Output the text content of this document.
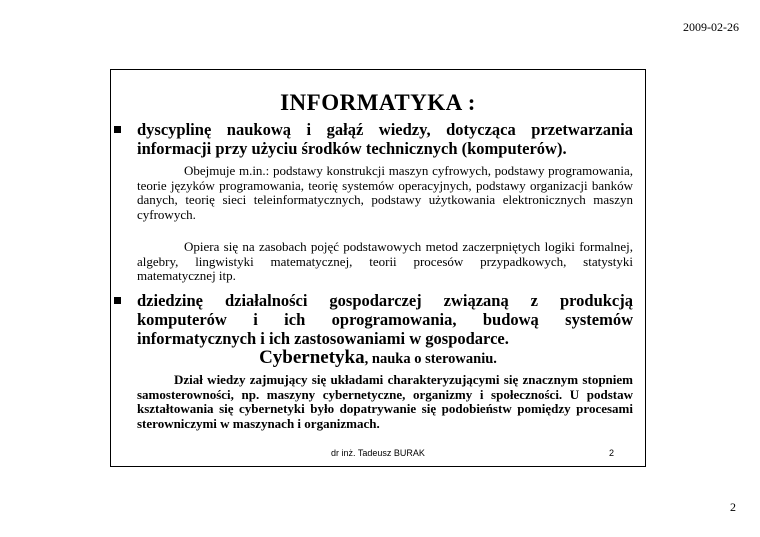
2009-02-26
INFORMATYKA :
dyscyplinę naukową i gałąź wiedzy, dotycząca przetwarzania informacji przy użyciu środków technicznych (komputerów).
Obejmuje m.in.: podstawy konstrukcji maszyn cyfrowych, podstawy programowania, teorie języków programowania, teorię systemów operacyjnych, podstawy organizacji banków danych, teorię sieci teleinformatycznych, podstawy użytkowania elektronicznych maszyn cyfrowych.
Opiera się na zasobach pojęć podstawowych metod zaczerpniętych logiki formalnej, algebry, lingwistyki matematycznej, teorii procesów przypadkowych, statystyki matematycznej itp.
dziedzinę działalności gospodarczej związaną z produkcją komputerów i ich oprogramowania, budową systemów informatycznych i ich zastosowaniami w gospodarce.
Cybernetyka, nauka o sterowaniu.
Dział wiedzy zajmujący się układami charakteryzującymi się znacznym stopniem samosterowności, np. maszyny cybernetyczne, organizmy i społeczności. U podstaw kształtowania się cybernetyki było dopatrywanie się podobieństw pomiędzy procesami sterowniczymi w maszynach i organizmach.
dr inż. Tadeusz BURAK	2
2
